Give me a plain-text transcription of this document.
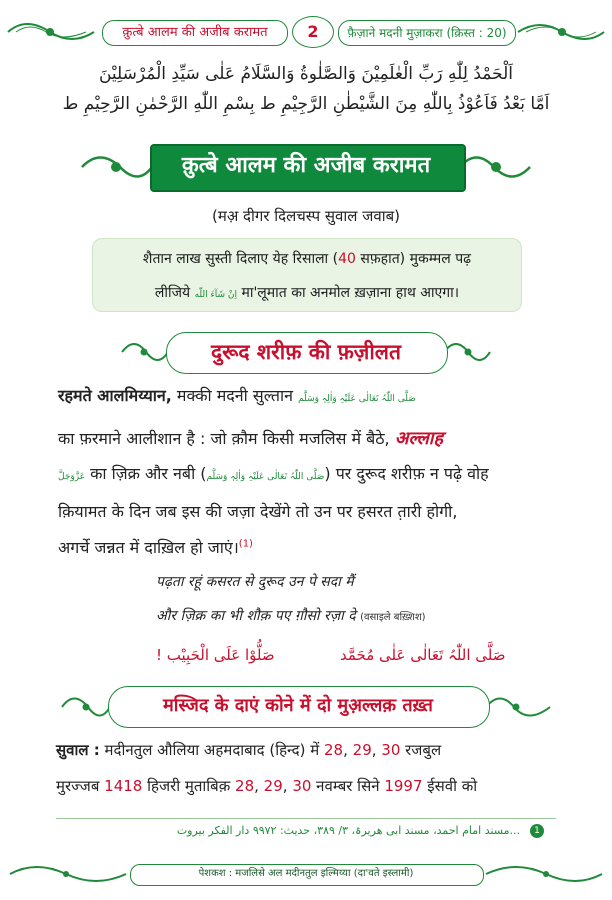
क़ुत्बे आलम की अजीब करामत	2	फ़ैज़ाने मदनी मुज़ाकरा (क़िस्त : 20)
اَلْحَمْدُ لِلّٰهِ رَبِّ الْعٰلَمِیْنَ وَالصَّلٰوةُ وَالسَّلَامُ عَلٰی سَیِّدِ الْمُرْسَلِیْنَ
اَمَّا بَعْدُ فَاَعُوْذُ بِاللّٰهِ مِنَ الشَّیْطٰنِ الرَّجِیْمِ ط بِسْمِ اللّٰهِ الرَّحْمٰنِ الرَّحِیْمِ ط
क़ुत्बे आलम की अजीब करामत
(मअ़ दीगर दिलचस्प सुवाल जवाब)

शैतान लाख सुस्ती दिलाए येह रिसाला (40 सफ़हात) मुकम्मल पढ़

लीजिये اِنْ شَآءَ اللّٰه मा'लूमात का अनमोल ख़ज़ाना हाथ आएगा।

दुरूद शरीफ़ की फ़ज़ीलत
रहमते आलमिय्यान, मक्की मदनी सुल्तान صَلَّی اللّٰہُ تَعَالٰی عَلَیْہِ وَاٰلِہٖ وَسَلَّم
का फ़रमाने आलीशान है : जो क़ौम किसी मजलिस में बैठे, अल्लाह
عَزَّوَجَلَّ का ज़िक्र और नबी (صَلَّی اللّٰہُ تَعَالٰی عَلَیْہِ وَاٰلِہٖ وَسَلَّم) पर दुरूद शरीफ़ न पढ़े वोह
क़ियामत के दिन जब इस की जज़ा देखेंगे तो उन पर हसरत त़ारी होगी,
अगर्चे जन्नत में दाख़िल हो जाएं।$^{(1)}$
पढ़ता रहूं कसरत से दुरूद उन पे सदा मैं
और ज़िक्र का भी शौक़ पए ग़ौसो रज़ा दे (वसाइले बख़्शिश)
صَلُّوْا عَلَی الْحَبِیْب !	صَلَّی اللّٰہُ تَعَالٰی عَلٰی مُحَمَّد
मस्जिद के दाएं कोने में दो मुअ़ल्लक़ तख़्त
सुवाल : मदीनतुल औलिया अहमदाबाद (हिन्द) में 28, 29, 30 रजबुल
मुरज्जब 1418 हिजरी मुताबिक़ 28, 29, 30 नवम्बर सिने 1997 ईसवी को
...مسند امام احمد، مسند ابی ھریرۃ، ۳/ ۳۸۹، حدیث: ۹۹۷۲ دار الفکر بیروت	1
पेशकश : मजलिसे अल मदीनतुल इल्मिय्या (दा'वते इस्लामी)
